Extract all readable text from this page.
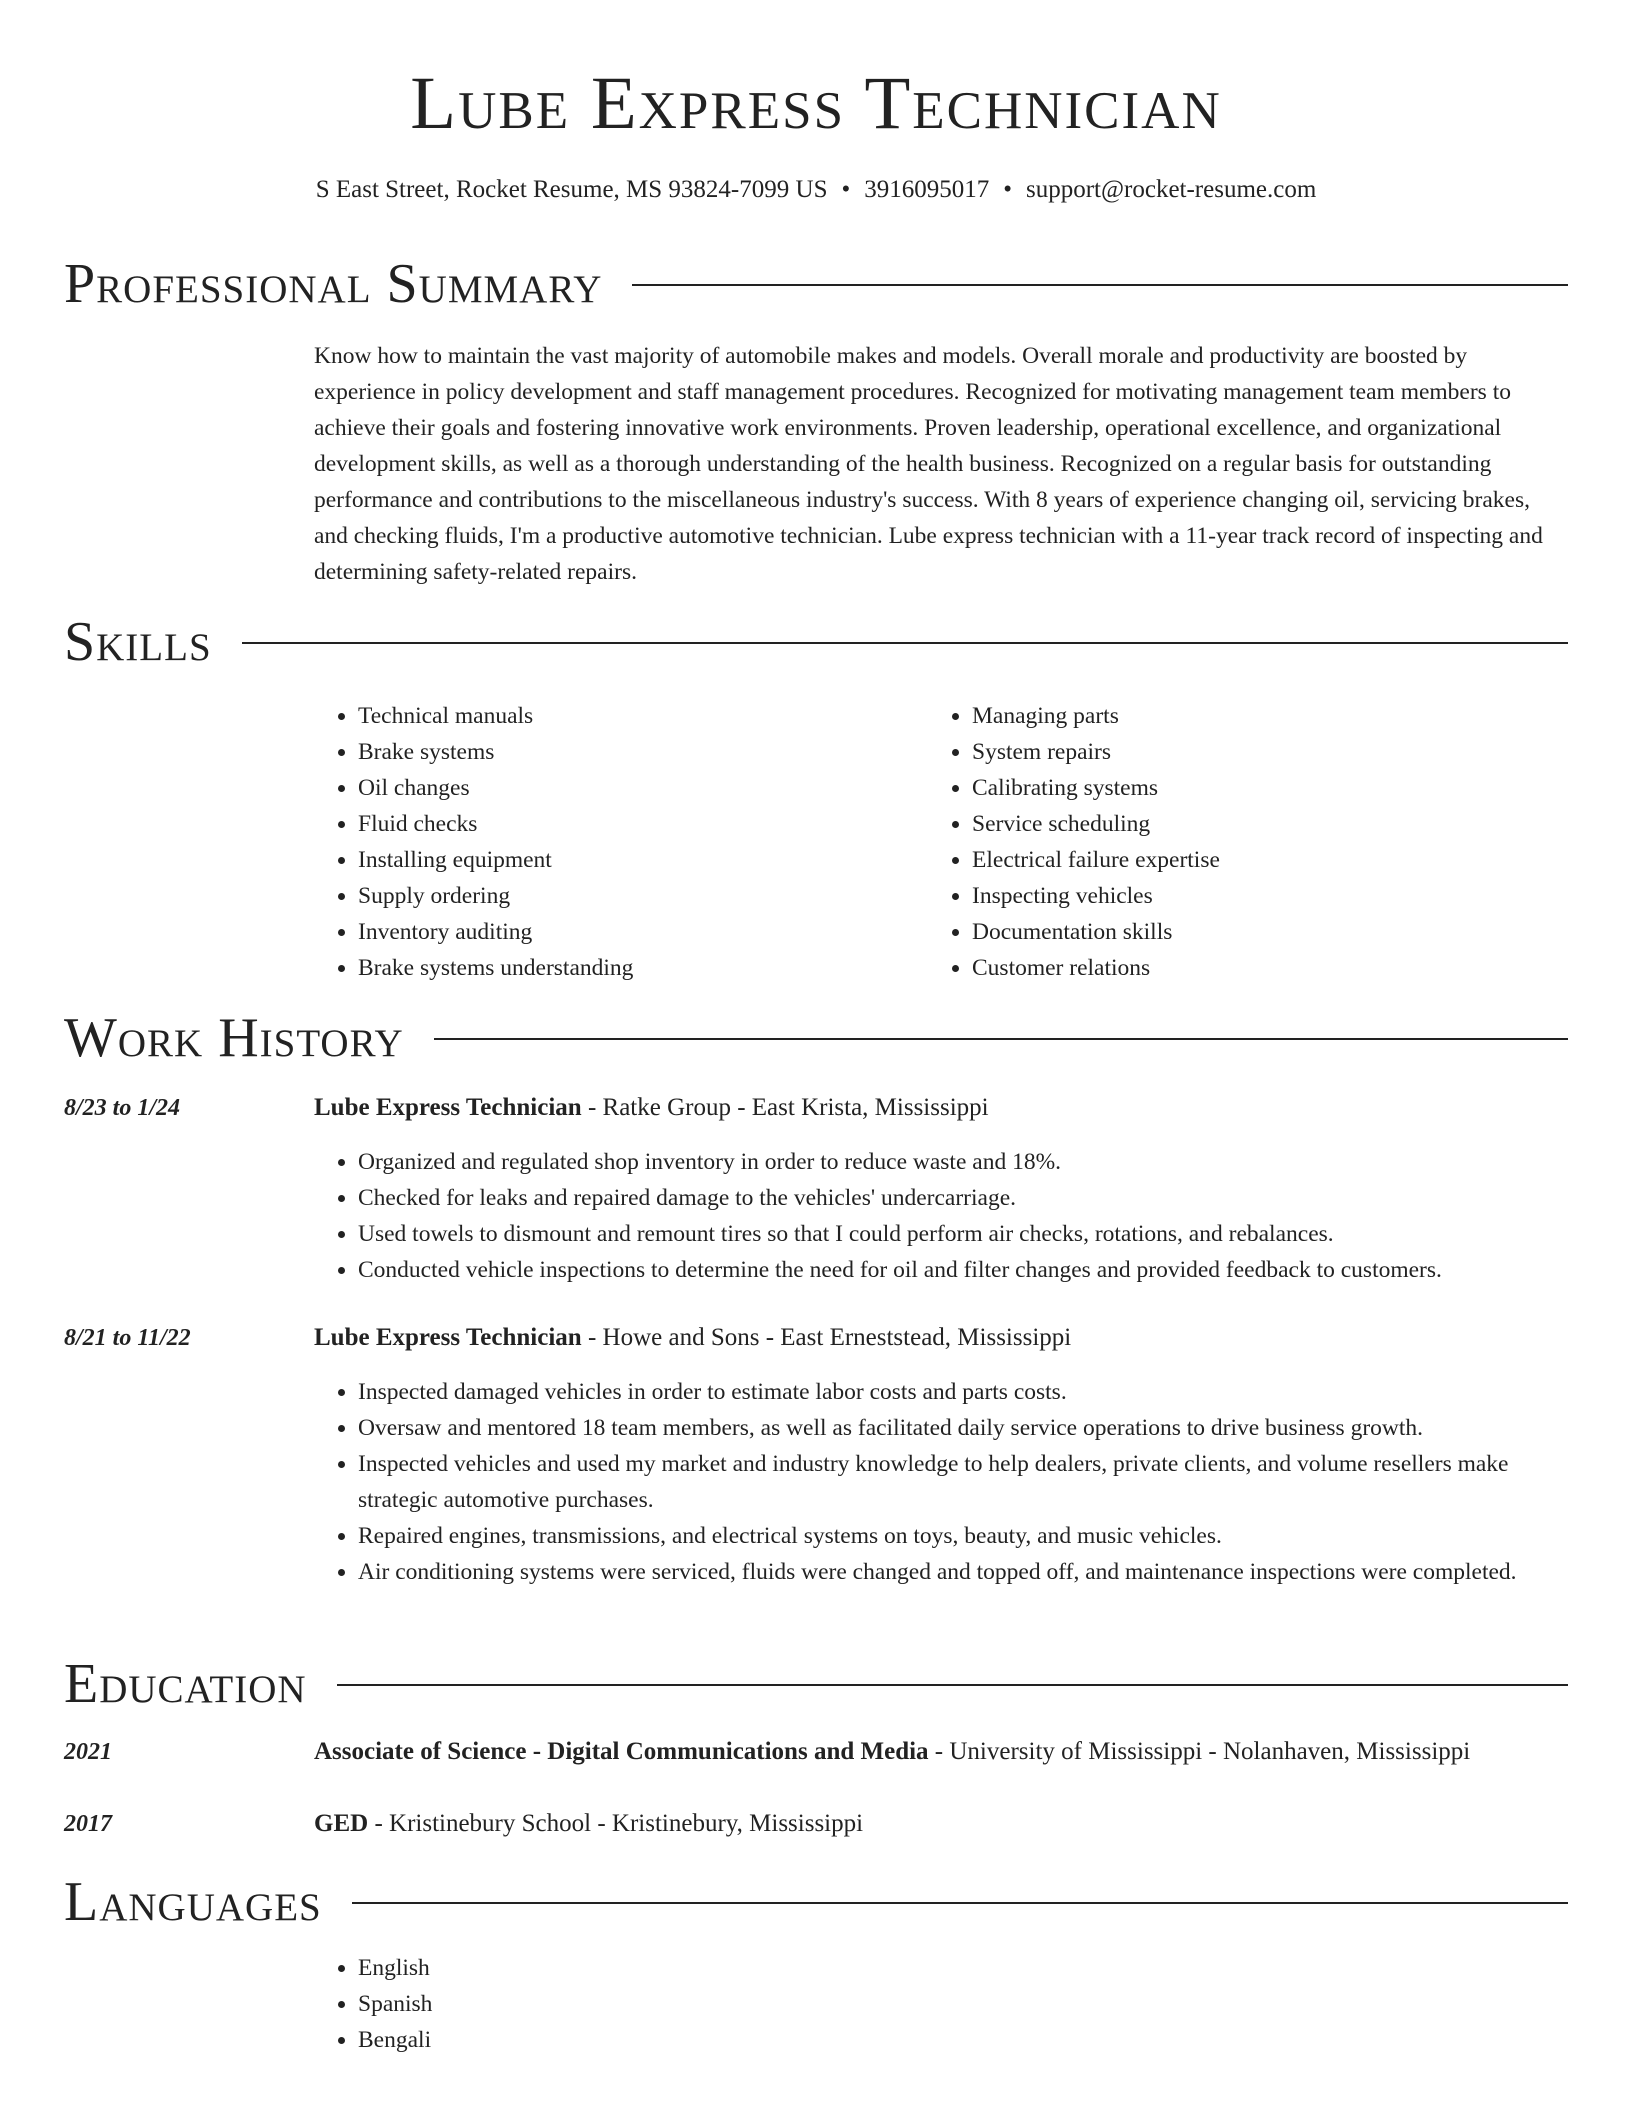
Lube Express Technician
S East Street, Rocket Resume, MS 93824-7099 US • 3916095017 • support@rocket-resume.com
Professional Summary

Know how to maintain the vast majority of automobile makes and models. Overall morale and productivity are boosted by experience in policy development and staff management procedures. Recognized for motivating management team members to achieve their goals and fostering innovative work environments. Proven leadership, operational excellence, and organizational development skills, as well as a thorough understanding of the health business. Recognized on a regular basis for outstanding performance and contributions to the miscellaneous industry's success. With 8 years of experience changing oil, servicing brakes, and checking fluids, I'm a productive automotive technician. Lube express technician with a 11-year track record of inspecting and determining safety-related repairs.

Skills
• Technical manuals
• Brake systems
• Oil changes
• Fluid checks
• Installing equipment
• Supply ordering
• Inventory auditing
• Brake systems understanding
• Managing parts
• System repairs
• Calibrating systems
• Service scheduling
• Electrical failure expertise
• Inspecting vehicles
• Documentation skills
• Customer relations
Work History
8/23 to 1/24	Lube Express Technician - Ratke Group - East Krista, Mississippi
• Organized and regulated shop inventory in order to reduce waste and 18%.
• Checked for leaks and repaired damage to the vehicles' undercarriage.
• Used towels to dismount and remount tires so that I could perform air checks, rotations, and rebalances.
• Conducted vehicle inspections to determine the need for oil and filter changes and provided feedback to customers.
8/21 to 11/22	Lube Express Technician - Howe and Sons - East Erneststead, Mississippi
• Inspected damaged vehicles in order to estimate labor costs and parts costs.
• Oversaw and mentored 18 team members, as well as facilitated daily service operations to drive business growth.
• Inspected vehicles and used my market and industry knowledge to help dealers, private clients, and volume resellers make strategic automotive purchases.
• Repaired engines, transmissions, and electrical systems on toys, beauty, and music vehicles.
• Air conditioning systems were serviced, fluids were changed and topped off, and maintenance inspections were completed.
Education
2021	Associate of Science - Digital Communications and Media - University of Mississippi - Nolanhaven, Mississippi
2017	GED - Kristinebury School - Kristinebury, Mississippi
Languages
• English
• Spanish
• Bengali
